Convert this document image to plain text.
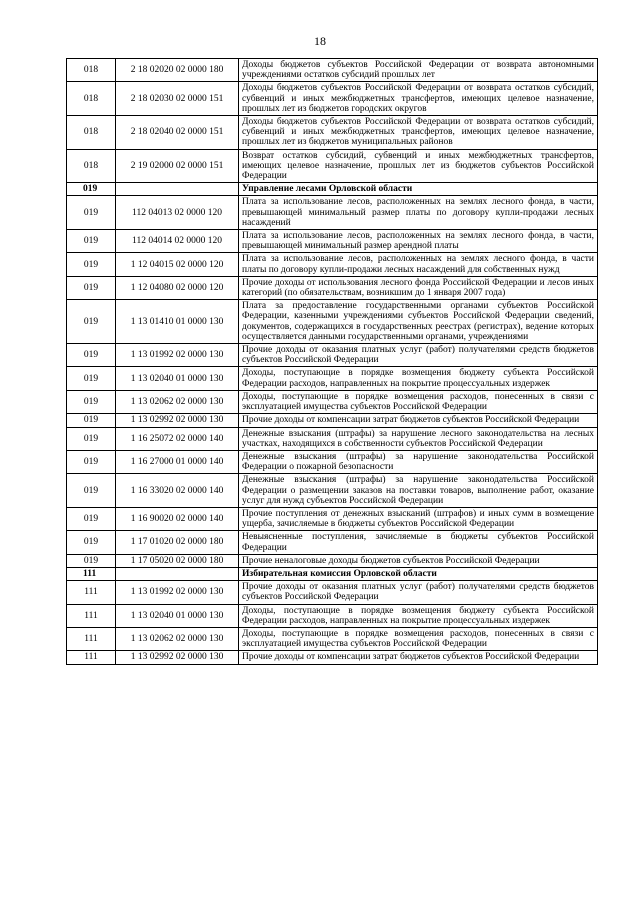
18
018	2 18 02020 02 0000 180	Доходы бюджетов субъектов Российской Федерации от возврата автономными учреждениями остатков субсидий прошлых лет
018	2 18 02030 02 0000 151	Доходы бюджетов субъектов Российской Федерации от возврата остатков субсидий, субвенций и иных межбюджетных трансфертов, имеющих целевое назначение, прошлых лет из бюджетов городских округов
018	2 18 02040 02 0000 151	Доходы бюджетов субъектов Российской Федерации от возврата остатков субсидий, субвенций и иных межбюджетных трансфертов, имеющих целевое назначение, прошлых лет из бюджетов муниципальных районов
018	2 19 02000 02 0000 151	Возврат остатков субсидий, субвенций и иных межбюджетных трансфертов, имеющих целевое назначение, прошлых лет из бюджетов субъектов Российской Федерации
019		Управление лесами Орловской области
019	112 04013 02 0000 120	Плата за использование лесов, расположенных на землях лесного фонда, в части, превышающей минимальный размер платы по договору купли-продажи лесных насаждений
019	112 04014 02 0000 120	Плата за использование лесов, расположенных на землях лесного фонда, в части, превышающей минимальный размер арендной платы
019	1 12 04015 02 0000 120	Плата за использование лесов, расположенных на землях лесного фонда, в части платы по договору купли-продажи лесных насаждений для собственных нужд
019	1 12 04080 02 0000 120	Прочие доходы от использования лесного фонда Российской Федерации и лесов иных категорий (по обязательствам, возникшим до 1 января 2007 года)
019	1 13 01410 01 0000 130	Плата за предоставление государственными органами субъектов Российской Федерации, казенными учреждениями субъектов Российской Федерации сведений, документов, содержащихся в государственных реестрах (регистрах), ведение которых осуществляется данными государственными органами, учреждениями
019	1 13 01992 02 0000 130	Прочие доходы от оказания платных услуг (работ) получателями средств бюджетов субъектов Российской Федерации
019	1 13 02040 01 0000 130	Доходы, поступающие в порядке возмещения бюджету субъекта Российской Федерации расходов, направленных на покрытие процессуальных издержек
019	1 13 02062 02 0000 130	Доходы, поступающие в порядке возмещения расходов, понесенных в связи с эксплуатацией имущества субъектов Российской Федерации
019	1 13 02992 02 0000 130	Прочие доходы от компенсации затрат бюджетов субъектов Российской Федерации
019	1 16 25072 02 0000 140	Денежные взыскания (штрафы) за нарушение лесного законодательства на лесных участках, находящихся в собственности субъектов Российской Федерации
019	1 16 27000 01 0000 140	Денежные взыскания (штрафы) за нарушение законодательства Российской Федерации о пожарной безопасности
019	1 16 33020 02 0000 140	Денежные взыскания (штрафы) за нарушение законодательства Российской Федерации о размещении заказов на поставки товаров, выполнение работ, оказание услуг для нужд субъектов Российской Федерации
019	1 16 90020 02 0000 140	Прочие поступления от денежных взысканий (штрафов) и иных сумм в возмещение ущерба, зачисляемые в бюджеты субъектов Российской Федерации
019	1 17 01020 02 0000 180	Невыясненные поступления, зачисляемые в бюджеты субъектов Российской Федерации
019	1 17 05020 02 0000 180	Прочие неналоговые доходы бюджетов субъектов Российской Федерации
111		Избирательная комиссия Орловской области
111	1 13 01992 02 0000 130	Прочие доходы от оказания платных услуг (работ) получателями средств бюджетов субъектов Российской Федерации
111	1 13 02040 01 0000 130	Доходы, поступающие в порядке возмещения бюджету субъекта Российской Федерации расходов, направленных на покрытие процессуальных издержек
111	1 13 02062 02 0000 130	Доходы, поступающие в порядке возмещения расходов, понесенных в связи с эксплуатацией имущества субъектов Российской Федерации
111	1 13 02992 02 0000 130	Прочие доходы от компенсации затрат бюджетов субъектов Российской Федерации
